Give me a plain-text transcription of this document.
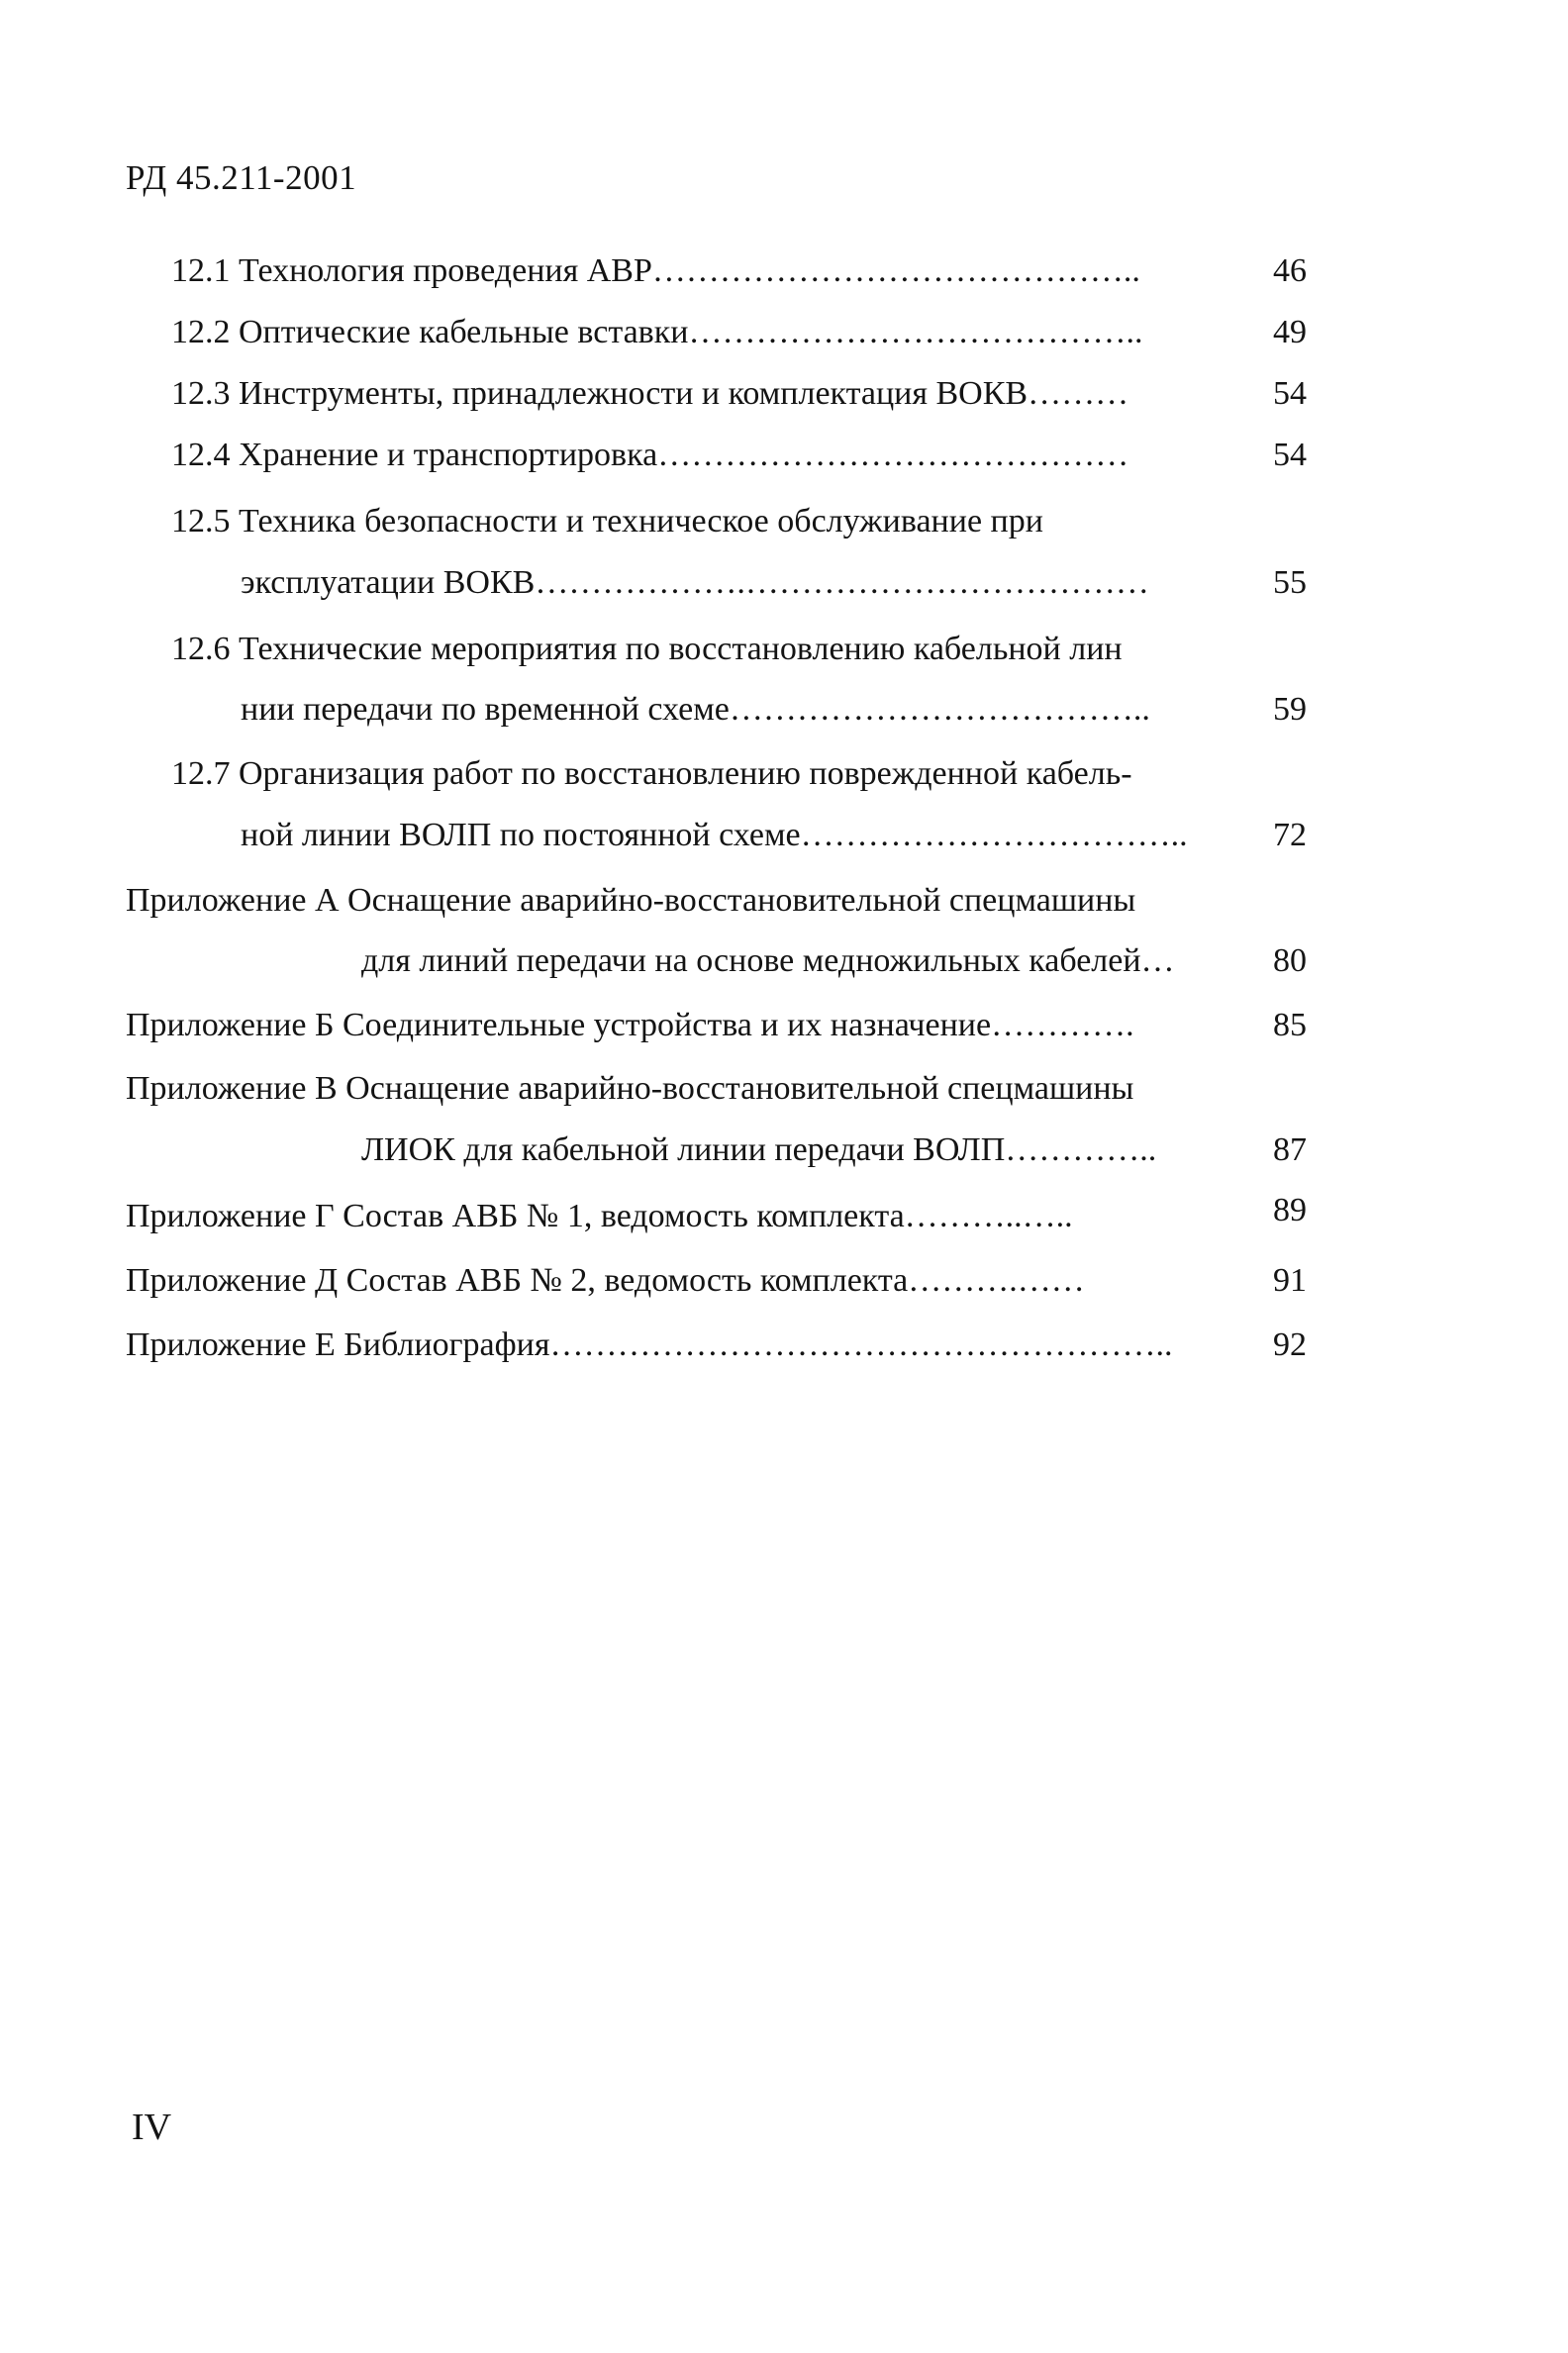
РД 45.211-2001
12.1 Технология проведения АВР……………………………………..	46
12.2 Оптические кабельные вставки…………………………………..	49
12.3 Инструменты, принадлежности и комплектация ВОКВ………	54
12.4 Хранение и транспортировка……………………………………	54
12.5 Техника безопасности и техническое обслуживание при
эксплуатации ВОКВ……………….………………………………	55
12.6 Технические мероприятия по восстановлению кабельной лин
нии передачи по временной схеме………………………………..	59
12.7 Организация работ по восстановлению поврежденной кабель-
ной линии ВОЛП по постоянной схеме……………………………..	72
Приложение А Оснащение аварийно-восстановительной спецмашины
для линий передачи на основе медножильных кабелей…	80
Приложение Б Соединительные устройства и их назначение………….	85
Приложение В Оснащение аварийно-восстановительной спецмашины
ЛИОК для кабельной линии передачи ВОЛП…………..	87
Приложение Г Состав АВБ № 1, ведомость комплекта………..…..	89
Приложение Д Состав АВБ № 2, ведомость комплекта……….……	91
Приложение Е Библиография………………………………………………..	92
IV
